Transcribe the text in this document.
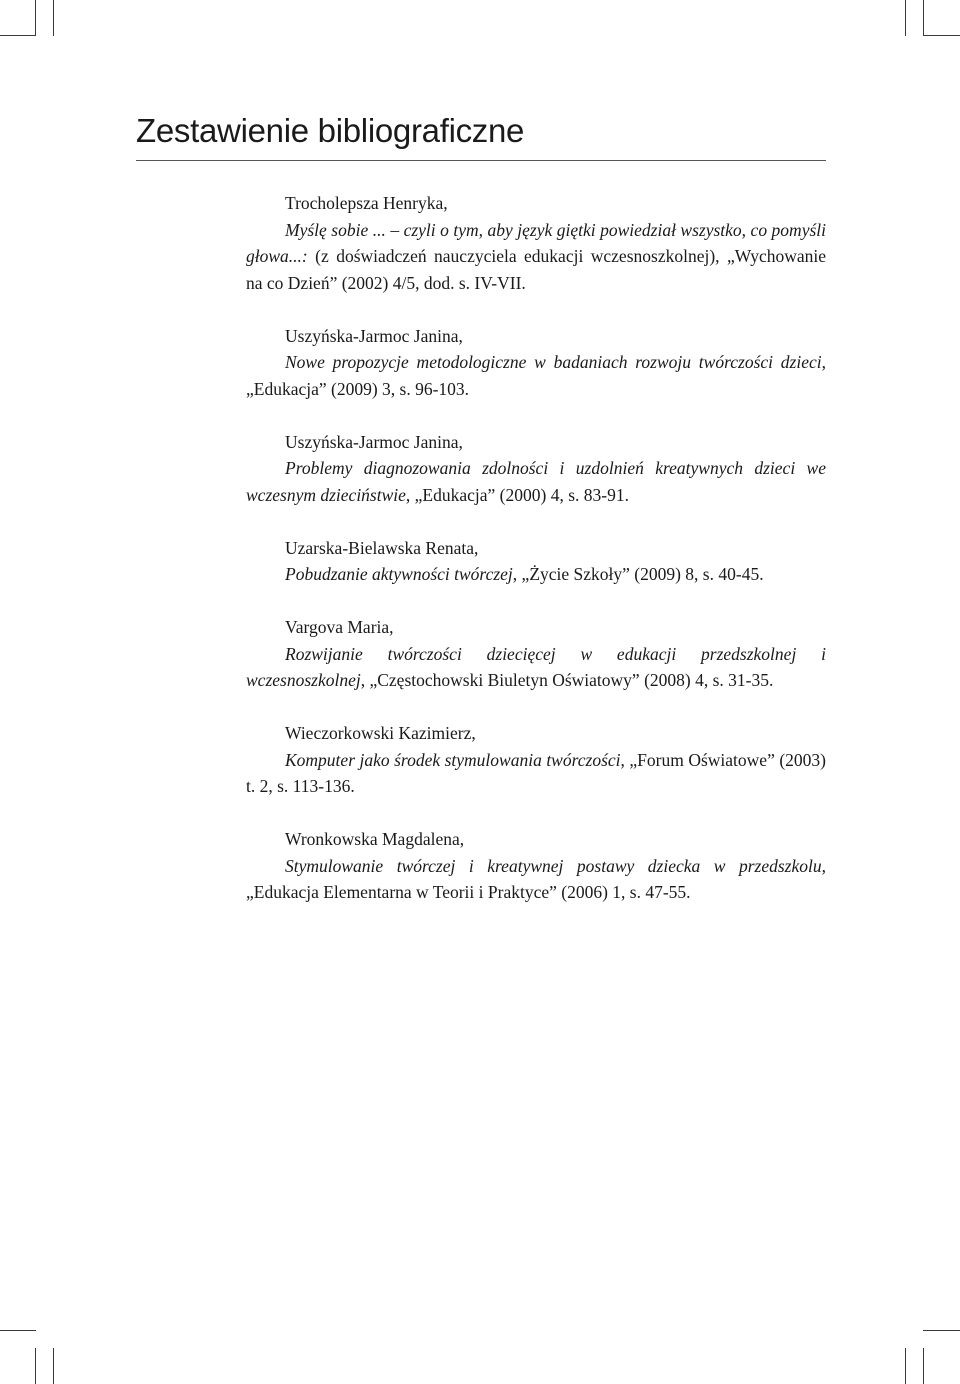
Zestawienie bibliograficzne

Trocholepsza Henryka,
Myślę sobie ... – czyli o tym, aby język giętki powiedział wszystko, co pomyśli głowa...: (z doświadczeń nauczyciela edukacji wczesnoszkolnej), „Wychowanie na co Dzień” (2002) 4/5, dod. s. IV-VII.

Uszyńska-Jarmoc Janina,
Nowe propozycje metodologiczne w badaniach rozwoju twórczości dzieci, „Edukacja” (2009) 3, s. 96-103.

Uszyńska-Jarmoc Janina,
Problemy diagnozowania zdolności i uzdolnień kreatywnych dzieci we wczesnym dzieciństwie, „Edukacja” (2000) 4, s. 83-91.

Uzarska-Bielawska Renata,
Pobudzanie aktywności twórczej, „Życie Szkoły” (2009) 8, s. 40-45.

Vargova Maria,
Rozwijanie twórczości dziecięcej w edukacji przedszkolnej i wczesnoszkolnej, „Częstochowski Biuletyn Oświatowy” (2008) 4, s. 31-35.

Wieczorkowski Kazimierz,
Komputer jako środek stymulowania twórczości, „Forum Oświatowe” (2003) t. 2, s. 113-136.

Wronkowska Magdalena,
Stymulowanie twórczej i kreatywnej postawy dziecka w przedszkolu, „Edukacja Elementarna w Teorii i Praktyce” (2006) 1, s. 47-55.
